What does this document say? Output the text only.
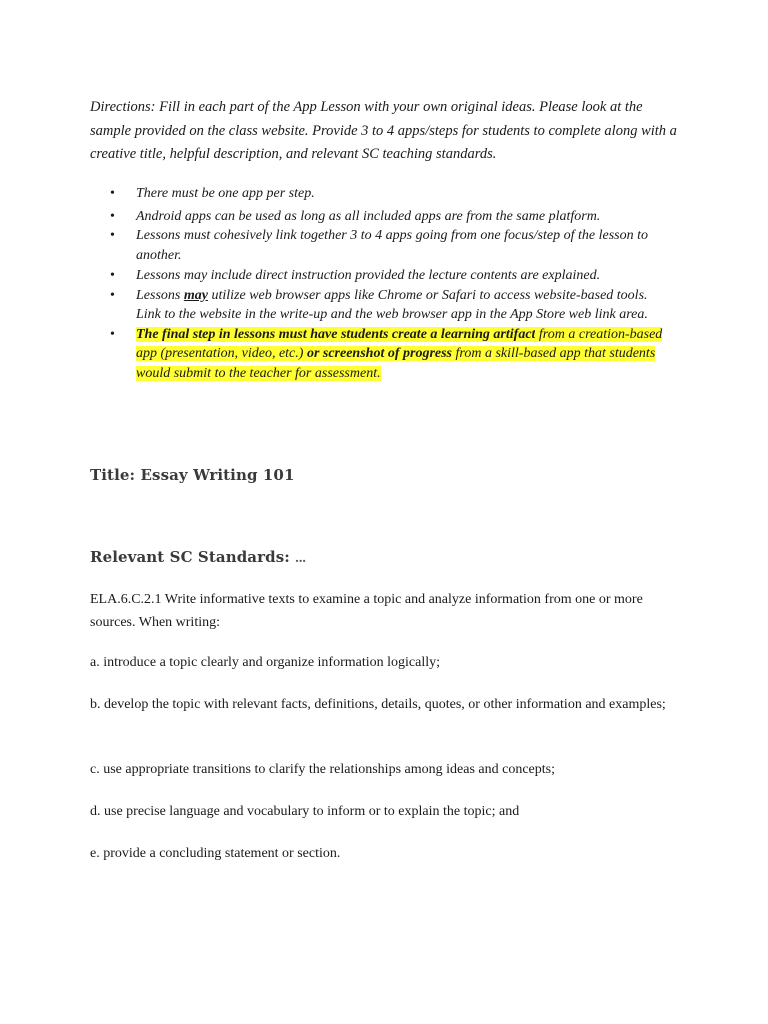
Directions: Fill in each part of the App Lesson with your own original ideas. Please look at the sample provided on the class website. Provide 3 to 4 apps/steps for students to complete along with a creative title, helpful description, and relevant SC teaching standards.

• There must be one app per step.
• Android apps can be used as long as all included apps are from the same platform.
• Lessons must cohesively link together 3 to 4 apps going from one focus/step of the lesson to another.
• Lessons may include direct instruction provided the lecture contents are explained.
• Lessons may utilize web browser apps like Chrome or Safari to access website-based tools. Link to the website in the write-up and the web browser app in the App Store web link area.
• The final step in lessons must have students create a learning artifact from a creation-based app (presentation, video, etc.) or screenshot of progress from a skill-based app that students would submit to the teacher for assessment.
Title: Essay Writing 101
Relevant SC Standards: ...

ELA.6.C.2.1 Write informative texts to examine a topic and analyze information from one or more sources. When writing:

a. introduce a topic clearly and organize information logically;

b. develop the topic with relevant facts, definitions, details, quotes, or other information and examples;

c. use appropriate transitions to clarify the relationships among ideas and concepts;

d. use precise language and vocabulary to inform or to explain the topic; and

e. provide a concluding statement or section.
